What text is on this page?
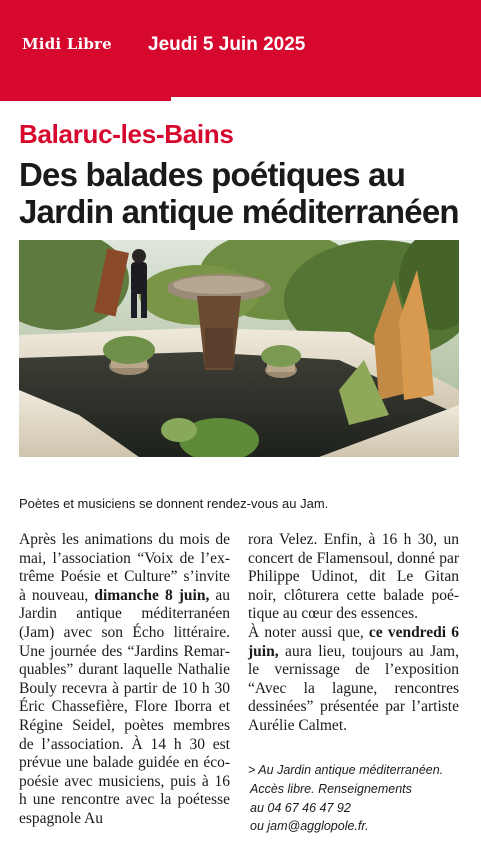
Midi Libre Jeudi 5 Juin 2025
Balaruc-les-Bains
Des balades poétiques au Jardin antique méditerranéen
Poètes et musiciens se donnent rendez-vous au Jam.

Après les animations du mois de mai, l’association “Voix de l’extrême Poésie et Culture” s’invite à nouveau, dimanche 8 juin, au Jardin antique méditerranéen (Jam) avec son Écho littéraire. Une journée des “Jardins Remarquables” durant laquelle Nathalie Bouly recevra à partir de 10 h 30 Éric Chassefière, Flore Iborra et Régine Seidel, poètes membres de l’association. À 14 h 30 est prévue une balade guidée en éco-poésie avec musiciens, puis à 16 h une rencontre avec la poétesse espagnole Au

rora Velez. Enfin, à 16 h 30, un concert de Flamensoul, donné par Philippe Udinot, dit Le Gitan noir, clôturera cette balade poétique au cœur des essences.

À noter aussi que, ce vendredi 6 juin, aura lieu, toujours au Jam, le vernissage de l’exposition “Avec la lagune, rencontres dessinées” présentée par l’artiste Aurélie Calmet.

> Au Jardin antique méditerranéen.
Accès libre. Renseignements
au 04 67 46 47 92
ou jam@agglopole.fr.
